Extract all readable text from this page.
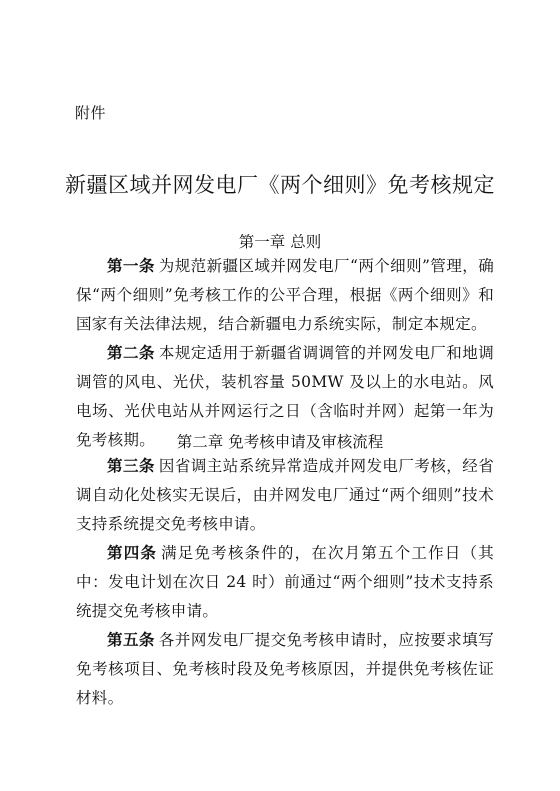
附件
新疆区域并网发电厂《两个细则》免考核规定
第一章 总则
第一条 为规范新疆区域并网发电厂“两个细则”管理，确保“两个细则”免考核工作的公平合理，根据《两个细则》和国家有关法律法规，结合新疆电力系统实际，制定本规定。
第二条 本规定适用于新疆省调调管的并网发电厂和地调调管的风电、光伏，装机容量 50MW 及以上的水电站。风电场、光伏电站从并网运行之日（含临时并网）起第一年为免考核期。	第二章 免考核申请及审核流程
第三条 因省调主站系统异常造成并网发电厂考核，经省调自动化处核实无误后，由并网发电厂通过“两个细则”技术支持系统提交免考核申请。
第四条 满足免考核条件的，在次月第五个工作日（其中：发电计划在次日 24 时）前通过“两个细则”技术支持系统提交免考核申请。
第五条 各并网发电厂提交免考核申请时，应按要求填写免考核项目、免考核时段及免考核原因，并提供免考核佐证材料。
